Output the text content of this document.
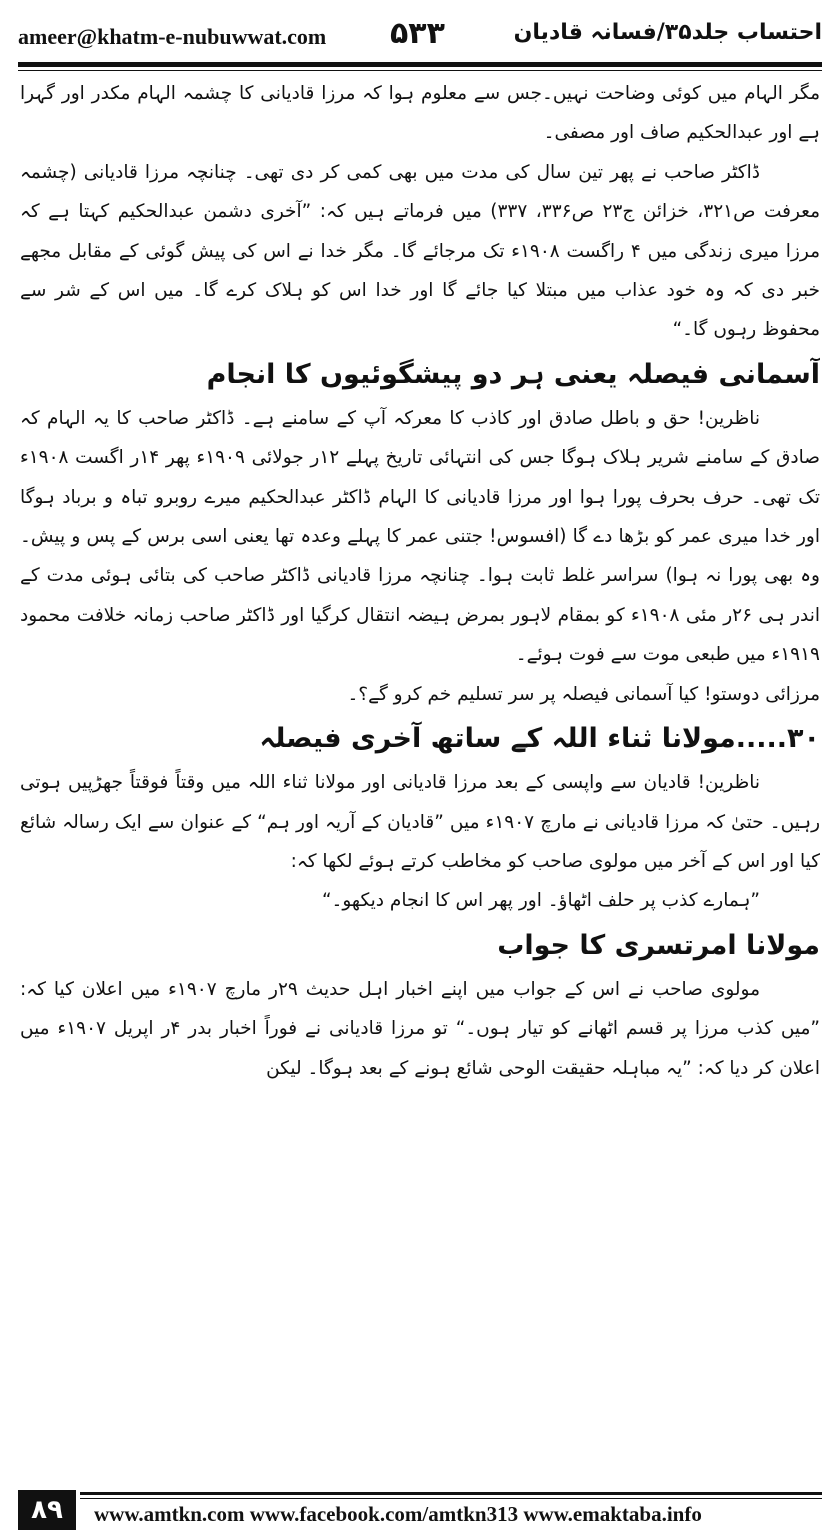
ameer@khatm-e-nubuwwat.com ۵۳۳	احتساب جلد۳۵/فسانہ قادیان

مگر الہام میں کوئی وضاحت نہیں۔جس سے معلوم ہوا کہ مرزا قادیانی کا چشمہ الہام مکدر اور گہرا ہے اور عبدالحکیم صاف اور مصفی۔

ڈاکٹر صاحب نے پھر تین سال کی مدت میں بھی کمی کر دی تھی۔ چنانچہ مرزا قادیانی (چشمہ معرفت ص۳۲۱، خزائن ج۲۳ ص۳۳۶، ۳۳۷) میں فرماتے ہیں کہ: ”آخری دشمن عبدالحکیم کہتا ہے کہ مرزا میری زندگی میں ۴ راگست ۱۹۰۸ء تک مرجائے گا۔ مگر خدا نے اس کی پیش گوئی کے مقابل مجھے خبر دی کہ وہ خود عذاب میں مبتلا کیا جائے گا اور خدا اس کو ہلاک کرے گا۔ میں اس کے شر سے محفوظ رہوں گا۔“

آسمانی فیصلہ یعنی ہر دو پیشگوئیوں کا انجام

ناظرین! حق و باطل صادق اور کاذب کا معرکہ آپ کے سامنے ہے۔ ڈاکٹر صاحب کا یہ الہام کہ صادق کے سامنے شریر ہلاک ہوگا جس کی انتہائی تاریخ پہلے ۱۲ر جولائی ۱۹۰۹ء پھر ۱۴ر اگست ۱۹۰۸ء تک تھی۔ حرف بحرف پورا ہوا اور مرزا قادیانی کا الہام ڈاکٹر عبدالحکیم میرے روبرو تباہ و برباد ہوگا اور خدا میری عمر کو بڑھا دے گا (افسوس! جتنی عمر کا پہلے وعدہ تھا یعنی اسی برس کے پس و پیش۔ وہ بھی پورا نہ ہوا) سراسر غلط ثابت ہوا۔ چنانچہ مرزا قادیانی ڈاکٹر صاحب کی بتائی ہوئی مدت کے اندر ہی ۲۶ر مئی ۱۹۰۸ء کو بمقام لاہور بمرض ہیضہ انتقال کرگیا اور ڈاکٹر صاحب زمانہ خلافت محمود ۱۹۱۹ء میں طبعی موت سے فوت ہوئے۔

مرزائی دوستو! کیا آسمانی فیصلہ پر سر تسلیم خم کرو گے؟۔

۳۰.....مولانا ثناء اللہ کے ساتھ آخری فیصلہ

ناظرین! قادیان سے واپسی کے بعد مرزا قادیانی اور مولانا ثناء اللہ میں وقتاً فوقتاً جھڑپیں ہوتی رہیں۔ حتیٰ کہ مرزا قادیانی نے مارچ ۱۹۰۷ء میں ”قادیان کے آریہ اور ہم“ کے عنوان سے ایک رسالہ شائع کیا اور اس کے آخر میں مولوی صاحب کو مخاطب کرتے ہوئے لکھا کہ:

”ہمارے کذب پر حلف اٹھاؤ۔ اور پھر اس کا انجام دیکھو۔“

مولانا امرتسری کا جواب

مولوی صاحب نے اس کے جواب میں اپنے اخبار اہل حدیث ۲۹ر مارچ ۱۹۰۷ء میں اعلان کیا کہ: ”میں کذب مرزا پر قسم اٹھانے کو تیار ہوں۔“ تو مرزا قادیانی نے فوراً اخبار بدر ۴ر اپریل ۱۹۰۷ء میں اعلان کر دیا کہ: ”یہ مباہلہ حقیقت الوحی شائع ہونے کے بعد ہوگا۔ لیکن

۸۹	www.amtkn.com www.facebook.com/amtkn313 www.emaktaba.info
